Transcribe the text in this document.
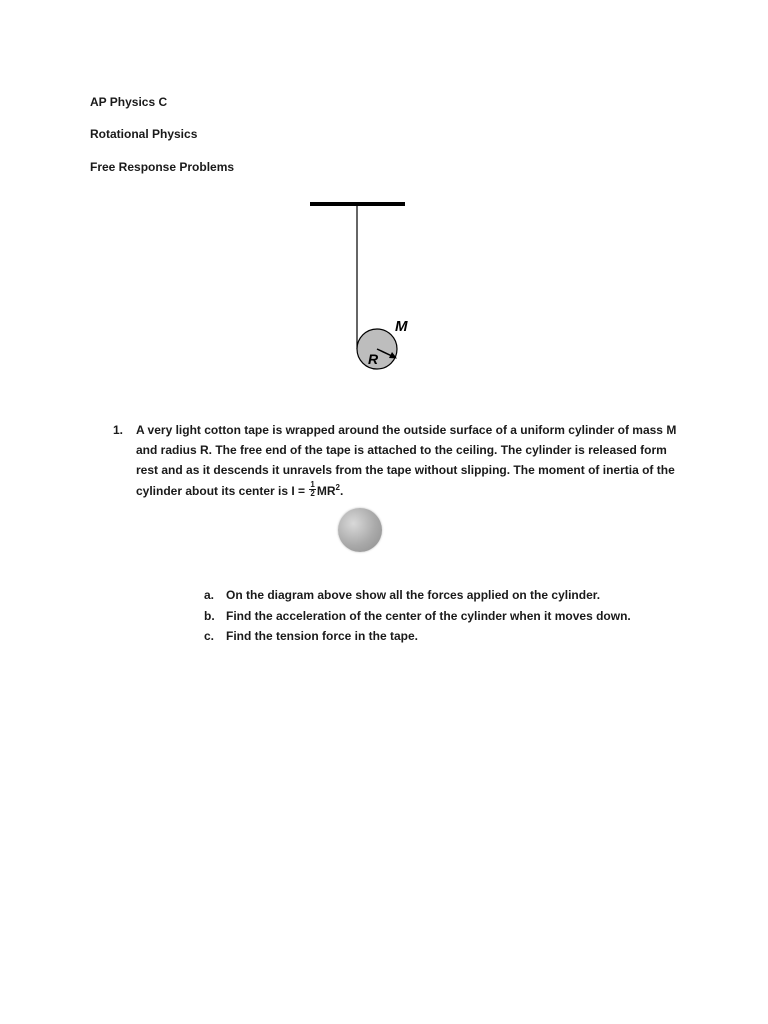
AP Physics C
Rotational Physics
Free Response Problems
M
R
1. A very light cotton tape is wrapped around the outside surface of a uniform cylinder of mass M
and radius R. The free end of the tape is attached to the ceiling. The cylinder is released form
rest and as it descends it unravels from the tape without slipping. The moment of inertia of the
cylinder about its center is $I = \frac{1}{2} MR^2$.
a. On the diagram above show all the forces applied on the cylinder.
b. Find the acceleration of the center of the cylinder when it moves down.
c. Find the tension force in the tape.
